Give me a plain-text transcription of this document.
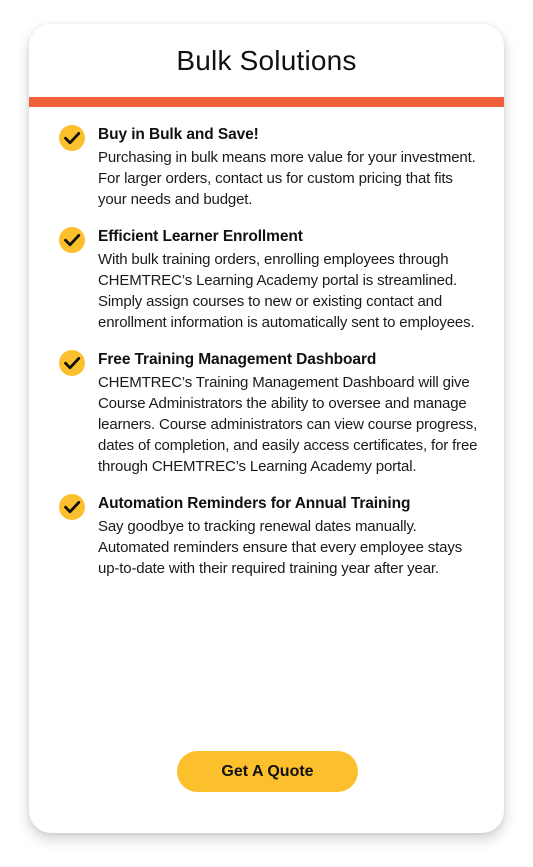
Bulk Solutions
Buy in Bulk and Save!

Purchasing in bulk means more value for your investment. For larger orders, contact us for custom pricing that fits your needs and budget.

Efficient Learner Enrollment

With bulk training orders, enrolling employees through CHEMTREC’s Learning Academy portal is streamlined. Simply assign courses to new or existing contact and enrollment information is automatically sent to employees.

Free Training Management Dashboard

CHEMTREC’s Training Management Dashboard will give Course Administrators the ability to oversee and manage learners. Course administrators can view course progress, dates of completion, and easily access certificates, for free through CHEMTREC’s Learning Academy portal.

Automation Reminders for Annual Training

Say goodbye to tracking renewal dates manually. Automated reminders ensure that every employee stays up-to-date with their required training year after year.

Get A Quote
